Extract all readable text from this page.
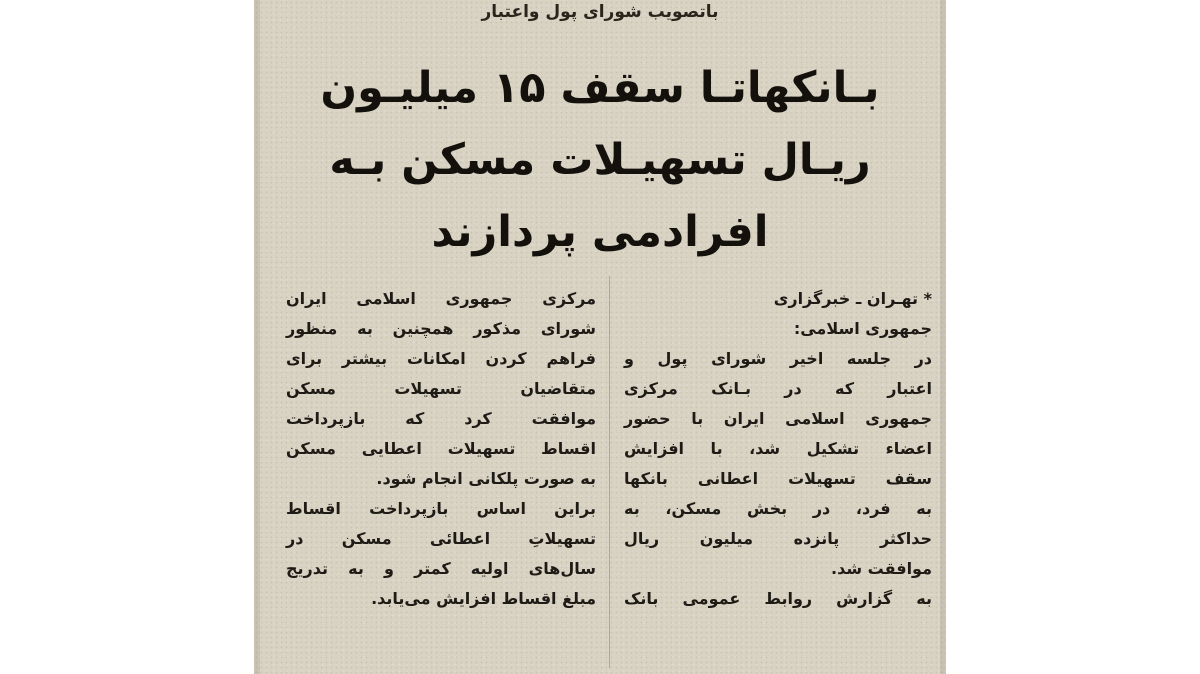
باتصویب شورای پول واعتبار
بـانکهاتـا سقف ۱۵ میلیـون
ریـال تسهیـلات مسکن بـه
افرادمی پردازند
* تهـران ـ خبرگزاری
جمهوری اسلامی:
در جلسه اخیر شورای پول و
اعتبار که در بـانک مرکزی
جمهوری اسلامی ایران با حضور
اعضاء تشکیل شد، با افزایش
سقف تسهیلات اعطانی بانکها
به فرد، در بخش مسکن، به
حداکثر پانزده میلیون ریال
موافقت شد.
به گزارش روابط عمومی بانک
مرکزی جمهوری اسلامی ایران
شورای مذکور همچنین به منظور
فراهم کردن امکانات بیشتر برای
متقاضیان تسهیلات مسکن
موافقت کرد که بازپرداخت
اقساط تسهیلات اعطایی مسکن
به صورت پلکانی انجام شود.
براین اساس بازپرداخت اقساط
تسهیلاتِ اعطائی مسکن در
سال‌های اولیه کمتر و به تدریج
مبلغ اقساط افزایش می‌یابد.
